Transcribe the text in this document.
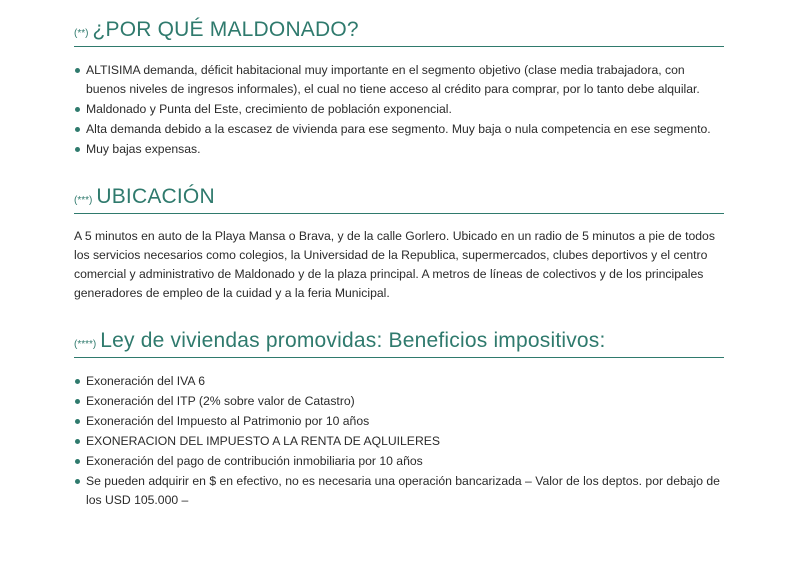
(**) ¿POR QUÉ MALDONADO?
ALTISIMA demanda, déficit habitacional muy importante en el segmento objetivo (clase media trabajadora, con buenos niveles de ingresos informales), el cual no tiene acceso al crédito para comprar, por lo tanto debe alquilar.
Maldonado y Punta del Este, crecimiento de población exponencial.
Alta demanda debido a la escasez de vivienda para ese segmento. Muy baja o nula competencia en ese segmento.
Muy bajas expensas.
(***) UBICACIÓN

A 5 minutos en auto de la Playa Mansa o Brava, y de la calle Gorlero. Ubicado en un radio de 5 minutos a pie de todos los servicios necesarios como colegios, la Universidad de la Republica, supermercados, clubes deportivos y el centro comercial y administrativo de Maldonado y de la plaza principal. A metros de líneas de colectivos y de los principales generadores de empleo de la cuidad y a la feria Municipal.

(****) Ley de viviendas promovidas: Beneficios impositivos:
Exoneración del IVA 6
Exoneración del ITP (2% sobre valor de Catastro)
Exoneración del Impuesto al Patrimonio por 10 años
EXONERACION DEL IMPUESTO A LA RENTA DE AQLUILERES
Exoneración del pago de contribución inmobiliaria por 10 años
Se pueden adquirir en $ en efectivo, no es necesaria una operación bancarizada – Valor de los deptos. por debajo de los USD 105.000 –
